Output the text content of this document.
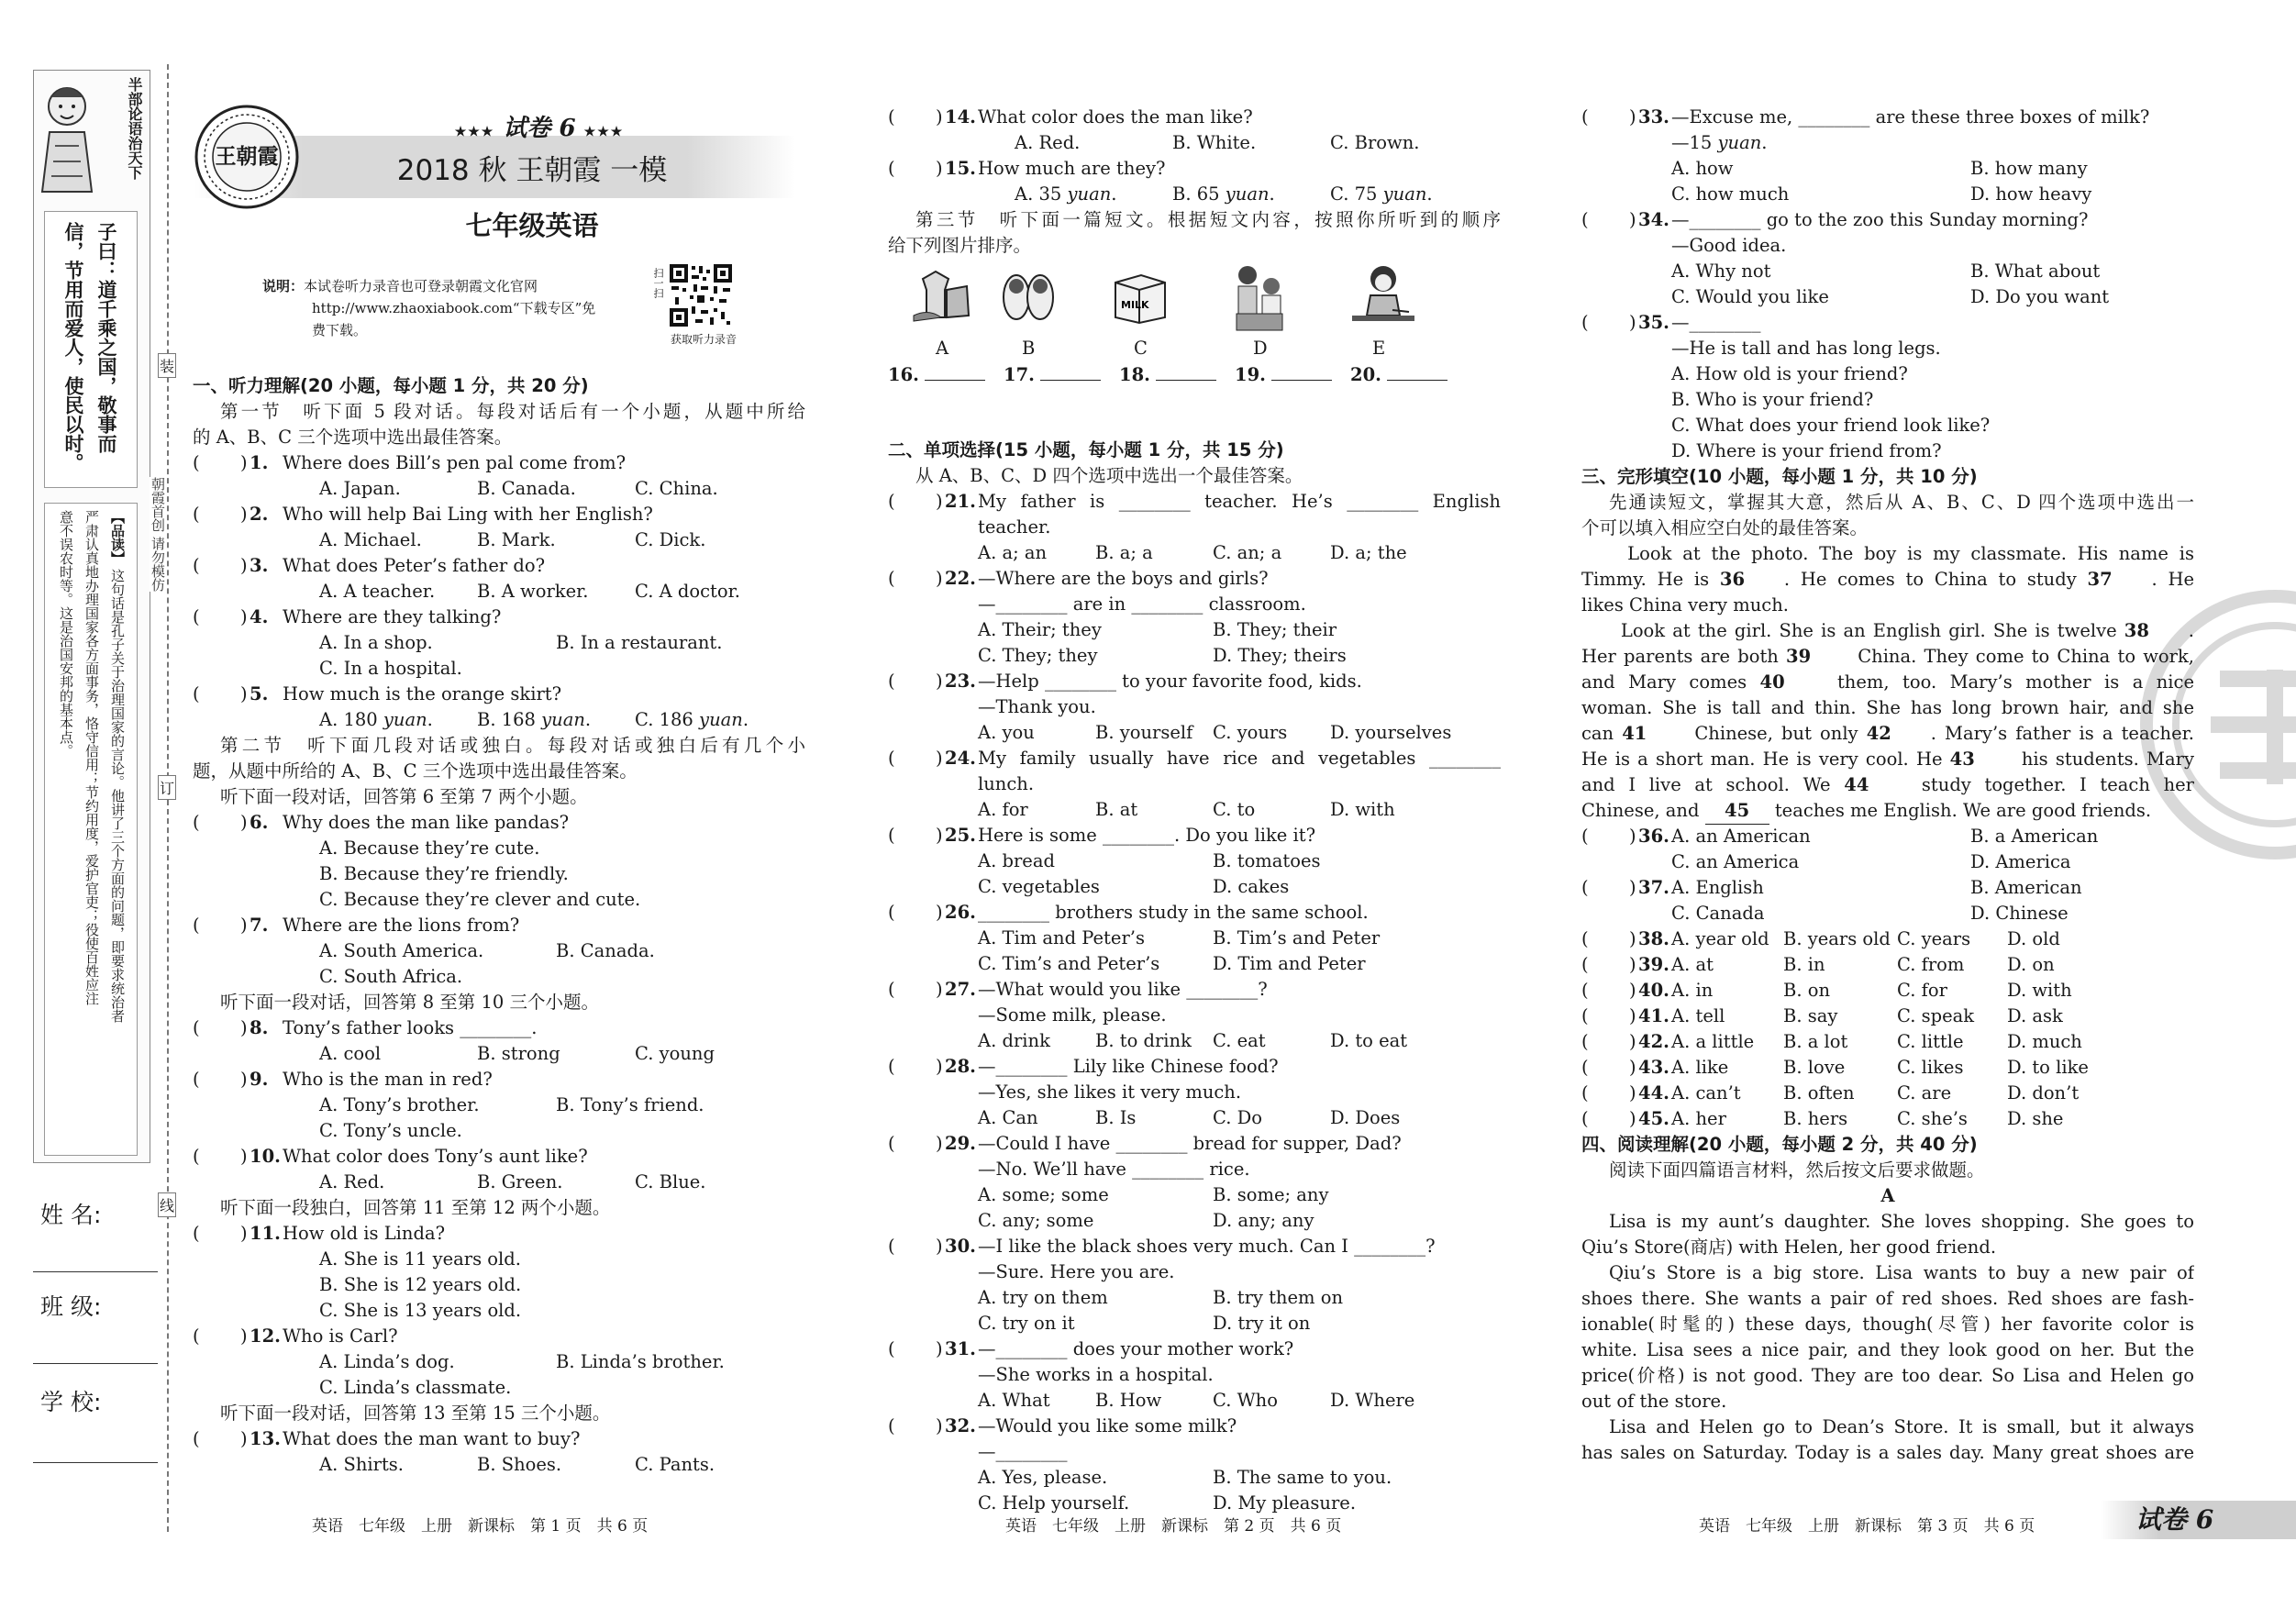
半部论语治天下
子曰：道千乘之国，敬事而
信，节用而爱人，使民以时。
【品读】
这句话是孔子关于治理国家的言论。他讲了三个方面的问题，即要求统治者
严肃认真地办理国家各方面事务，恪守信用；节约用度，爱护官吏；役使百姓应注
意不误农时等。这是治国安邦的基本点。
姓 名:
班 级:
学 校:
装
订
线
朝霞首创 请勿模仿
王朝霞
★★★ 试卷 6 ★★★
2018 秋 王朝霞 一模
七年级英语
说明：本试卷听力录音也可登录朝霞文化官网
http://www.zhaoxiabook.com“下载专区”免
费下载。
扫一扫
获取听力录音
一、听力理解(20 小题，每小题 1 分，共 20 分)
第一节　听下面 5 段对话。每段对话后有一个小题，从题中所给
的 A、B、C 三个选项中选出最佳答案。
( ) 1. Where does Bill’s pen pal come from?
A. Japan.	B. Canada.	C. China.
( ) 2. Who will help Bai Ling with her English?
A. Michael.	B. Mark.	C. Dick.
( ) 3. What does Peter’s father do?
A. A teacher. B. A worker.	C. A doctor.
( ) 4. Where are they talking?
A. In a shop.	B. In a restaurant.
C. In a hospital.
( ) 5. How much is the orange skirt?
A. 180 yuan. B. 168 yuan. C. 186 yuan.
第二节　听下面几段对话或独白。每段对话或独白后有几个小
题，从题中所给的 A、B、C 三个选项中选出最佳答案。
听下面一段对话，回答第 6 至第 7 两个小题。
( ) 6. Why does the man like pandas?
A. Because they’re cute.
B. Because they’re friendly.
C. Because they’re clever and cute.
( ) 7. Where are the lions from?
A. South America.	B. Canada.
C. South Africa.
听下面一段对话，回答第 8 至第 10 三个小题。
( ) 8. Tony’s father looks ________.
A. cool	B. strong	C. young
( ) 9. Who is the man in red?
A. Tony’s brother.	B. Tony’s friend.
C. Tony’s uncle.
( ) 10. What color does Tony’s aunt like?
A. Red.	B. Green.	C. Blue.
听下面一段独白，回答第 11 至第 12 两个小题。
( ) 11. How old is Linda?
A. She is 11 years old.
B. She is 12 years old.
C. She is 13 years old.
( ) 12. Who is Carl?
A. Linda’s dog.	B. Linda’s brother.
C. Linda’s classmate.
听下面一段对话，回答第 13 至第 15 三个小题。
( ) 13. What does the man want to buy?
A. Shirts.	B. Shoes.	C. Pants.
( ) 14. What color does the man like?
A. Red.	B. White.	C. Brown.
( ) 15. How much are they?
A. 35 yuan.	B. 65 yuan.	C. 75 yuan.
第三节　听下面一篇短文。根据短文内容，按照你所听到的顺序
给下列图片排序。
A	B
MILK
C	D	E
16.	17.	18.	19.	20.
二、单项选择(15 小题，每小题 1 分，共 15 分)
从 A、B、C、D 四个选项中选出一个最佳答案。
( ) 21. My father is ________ teacher. He’s ________ English
teacher.
A. a; an	B. a; a	C. an; a	D. a; the
( ) 22. —Where are the boys and girls?
—________ are in ________ classroom.
A. Their; they	B. They; their
C. They; they	D. They; theirs
( ) 23. —Help ________ to your favorite food, kids.
—Thank you.
A. you	B. yourself C. yours D. yourselves
( ) 24. My family usually have rice and vegetables ________
lunch.
A. for	B. at	C. to	D. with
( ) 25. Here is some ________. Do you like it?
A. bread	B. tomatoes
C. vegetables	D. cakes
( ) 26. ________ brothers study in the same school.
A. Tim and Peter’s	B. Tim’s and Peter
C. Tim’s and Peter’s	D. Tim and Peter
( ) 27. —What would you like ________?
—Some milk, please.
A. drink	B. to drink C. eat	D. to eat
( ) 28. —________ Lily like Chinese food?
—Yes, she likes it very much.
A. Can	B. Is	C. Do	D. Does
( ) 29. —Could I have ________ bread for supper, Dad?
—No. We’ll have ________ rice.
A. some; some	B. some; any
C. any; some	D. any; any
( ) 30. —I like the black shoes very much. Can I ________?
—Sure. Here you are.
A. try on them	B. try them on
C. try on it	D. try it on
( ) 31. —________ does your mother work?
—She works in a hospital.
A. What	B. How	C. Who	D. Where
( ) 32. —Would you like some milk?
—________
A. Yes, please.	B. The same to you.
C. Help yourself.	D. My pleasure.
( ) 33. —Excuse me, ________ are these three boxes of milk?
—15 yuan.
A. how	B. how many
C. how much	D. how heavy
( ) 34. —________ go to the zoo this Sunday morning?
—Good idea.
A. Why not	B. What about
C. Would you like	D. Do you want
( ) 35. —________
—He is tall and has long legs.
A. How old is your friend?
B. Who is your friend?
C. What does your friend look like?
D. Where is your friend from?
三、完形填空(10 小题，每小题 1 分，共 10 分)
先通读短文，掌握其大意，然后从 A、B、C、D 四个选项中选出一
个可以填入相应空白处的最佳答案。
　　Look at the photo. The boy is my classmate. His name is
Timmy. He is 36 . He comes to China to study 37 . He
likes China very much.
　　Look at the girl. She is an English girl. She is twelve 38 .
Her parents are both 39 China. They come to China to work,
and Mary comes 40 them, too. Mary’s mother is a nice
woman. She is tall and thin. She has long brown hair, and she
can 41 Chinese, but only 42 . Mary’s father is a teacher.
He is a short man. He is very cool. He 43 his students. Mary
and I live at school. We 44 study together. I teach her
Chinese, and 45 teaches me English. We are good friends.
( ) 36. A. an American	B. a American
C. an America	D. America
( ) 37. A. English	B. American
C. Canada	D. Chinese
( ) 38. A. year old B. years old C. years D. old
( ) 39. A. at	B. in	C. from D. on
( ) 40. A. in	B. on	C. for	D. with
( ) 41. A. tell	B. say	C. speak D. ask
( ) 42. A. a little B. a lot	C. little D. much
( ) 43. A. like	B. love	C. likes D. to like
( ) 44. A. can’t B. often C. are	D. don’t
( ) 45. A. her	B. hers	C. she’s D. she
四、阅读理解(20 小题，每小题 2 分，共 40 分)
阅读下面四篇语言材料，然后按文后要求做题。
A
Lisa is my aunt’s daughter. She loves shopping. She goes to
Qiu’s Store(商店) with Helen, her good friend.
Qiu’s Store is a big store. Lisa wants to buy a new pair of
shoes there. She wants a pair of red shoes. Red shoes are fash-
ionable(时髦的) these days, though(尽管) her favorite color is
white. Lisa sees a nice pair, and they look good on her. But the
price(价格) is not good. They are too dear. So Lisa and Helen go
out of the store.
Lisa and Helen go to Dean’s Store. It is small, but it always
has sales on Saturday. Today is a sales day. Many great shoes are
英语　七年级　上册　新课标　第 1 页　共 6 页	英语　七年级　上册　新课标　第 2 页　共 6 页	英语　七年级　上册　新课标　第 3 页　共 6 页	试卷 6
